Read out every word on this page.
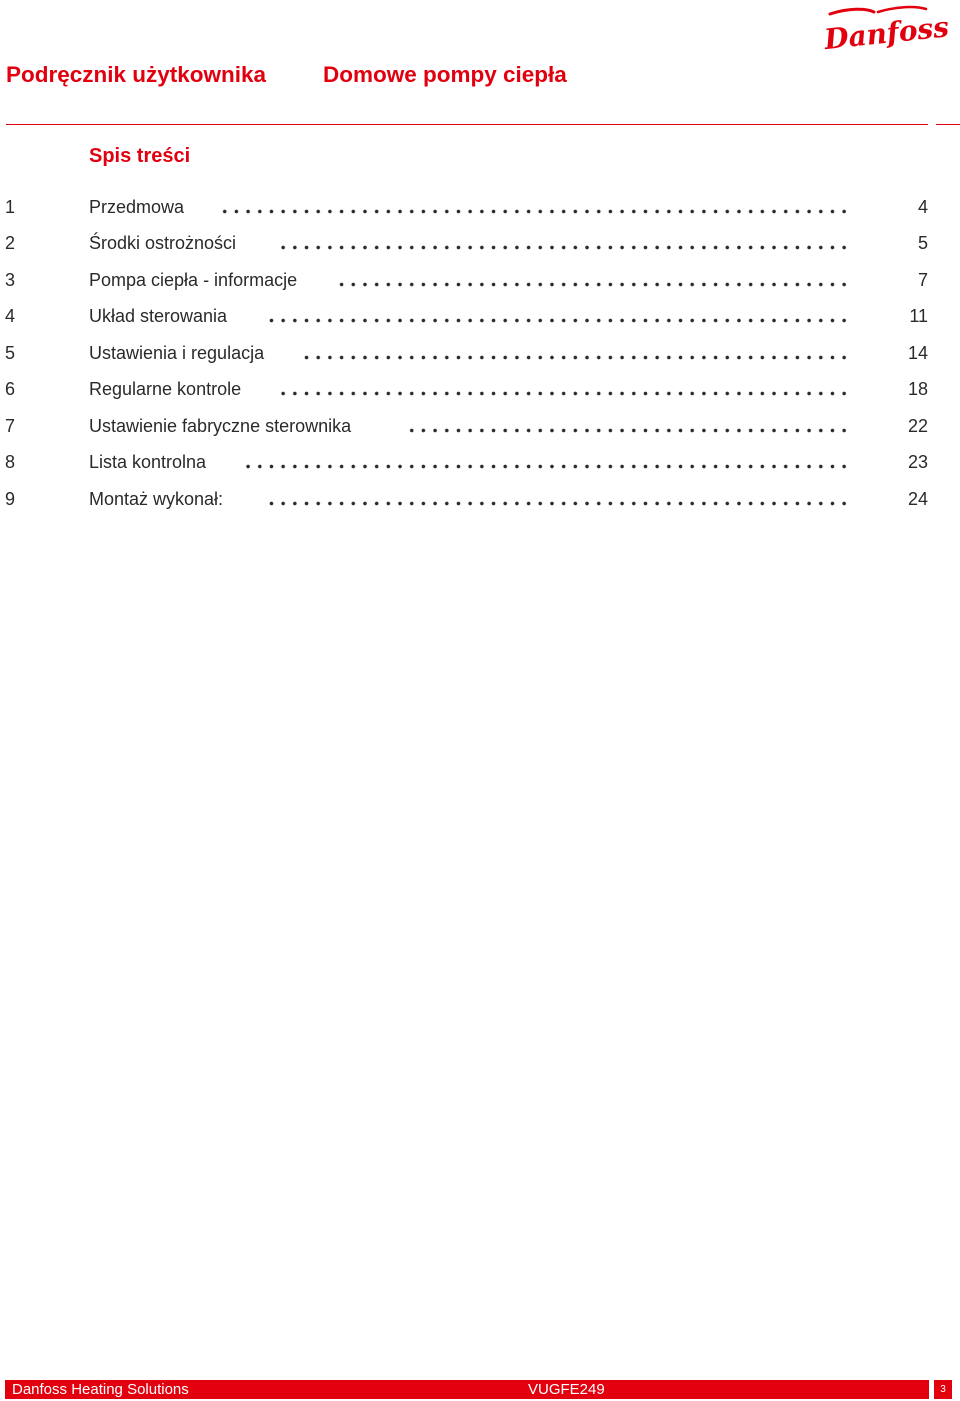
Danfoss
Podręcznik użytkownika	Domowe pompy ciepła
Spis treści
1	Przedmowa	4
2	Środki ostrożności	5
3	Pompa ciepła - informacje	7
4	Układ sterowania	11
5	Ustawienia i regulacja	14
6	Regularne kontrole	18
7	Ustawienie fabryczne sterownika	22
8	Lista kontrolna	23
9	Montaż wykonał:	24
Danfoss Heating Solutions	VUGFE249	3
